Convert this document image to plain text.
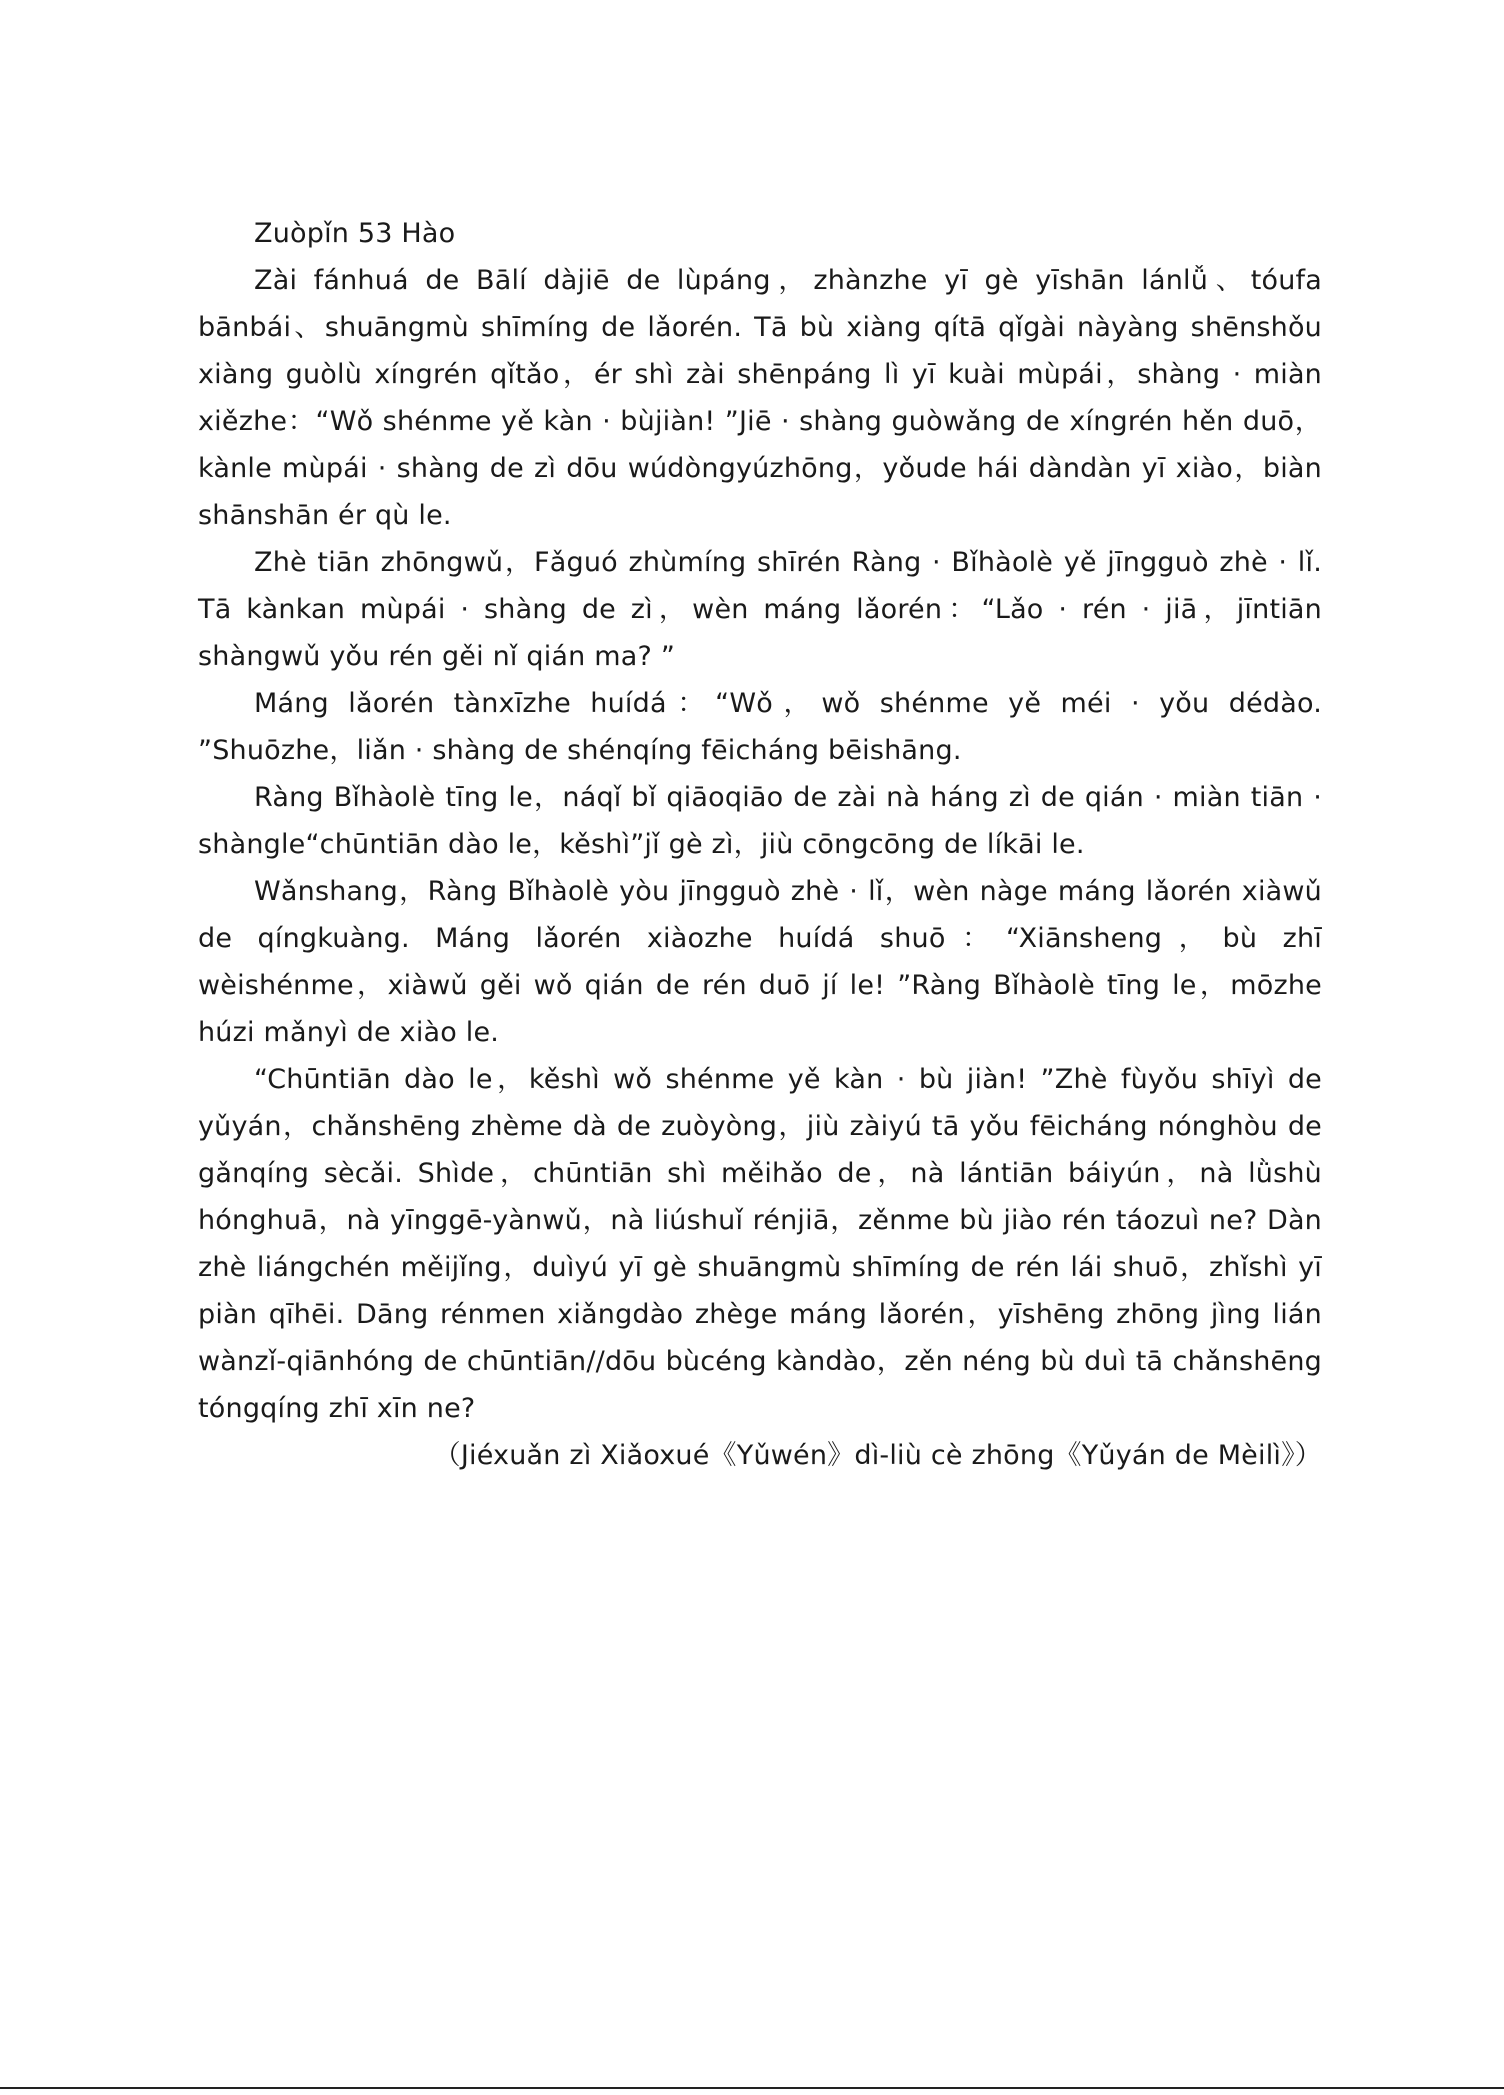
Zuòpǐn 53 Hào

Zài fánhuá de Bālí dàjiē de lùpáng，zhànzhe yī gè yīshān lánlǚ、tóufa bānbái、shuāngmù shīmíng de lǎorén. Tā bù xiàng qítā qǐgài nàyàng shēnshǒu xiàng guòlù xíngrén qǐtǎo，ér shì zài shēnpáng lì yī kuài mùpái，shàng · miàn xiězhe：“Wǒ shénme yě kàn · bùjiàn! ”Jiē · shàng guòwǎng de xíngrén hěn duō，kànle mùpái · shàng de zì dōu wúdòngyúzhōng，yǒude hái dàndàn yī xiào，biàn shānshān ér qù le.

Zhè tiān zhōngwǔ，Fǎguó zhùmíng shīrén Ràng · Bǐhàolè yě jīngguò zhè · lǐ. Tā kànkan mùpái · shàng de zì，wèn máng lǎorén：“Lǎo · rén · jiā，jīntiān shàngwǔ yǒu rén gěi nǐ qián ma? ”

Máng lǎorén tànxīzhe huídá：“Wǒ，wǒ shénme yě méi · yǒu dédào. ”Shuōzhe，liǎn · shàng de shénqíng fēicháng bēishāng.

Ràng Bǐhàolè tīng le，náqǐ bǐ qiāoqiāo de zài nà háng zì de qián · miàn tiān · shàngle“chūntiān dào le，kěshì”jǐ gè zì，jiù cōngcōng de líkāi le.

Wǎnshang，Ràng Bǐhàolè yòu jīngguò zhè · lǐ，wèn nàge máng lǎorén xiàwǔ de qíngkuàng. Máng lǎorén xiàozhe huídá shuō：“Xiānsheng，bù zhī wèishénme，xiàwǔ gěi wǒ qián de rén duō jí le! ”Ràng Bǐhàolè tīng le，mōzhe húzi mǎnyì de xiào le.

“Chūntiān dào le，kěshì wǒ shénme yě kàn · bù jiàn! ”Zhè fùyǒu shīyì de yǔyán，chǎnshēng zhème dà de zuòyòng，jiù zàiyú tā yǒu fēicháng nónghòu de gǎnqíng sècǎi. Shìde，chūntiān shì měihǎo de，nà lántiān báiyún，nà lǜshù hónghuā，nà yīnggē-yànwǔ，nà liúshuǐ rénjiā，zěnme bù jiào rén táozuì ne? Dàn zhè liángchén měijǐng，duìyú yī gè shuāngmù shīmíng de rén lái shuō，zhǐshì yī piàn qīhēi. Dāng rénmen xiǎngdào zhège máng lǎorén，yīshēng zhōng jìng lián wànzǐ-qiānhóng de chūntiān//dōu bùcéng kàndào，zěn néng bù duì tā chǎnshēng tóngqíng zhī xīn ne?

（Jiéxuǎn zì Xiǎoxué《Yǔwén》dì-liù cè zhōng《Yǔyán de Mèilì》）
